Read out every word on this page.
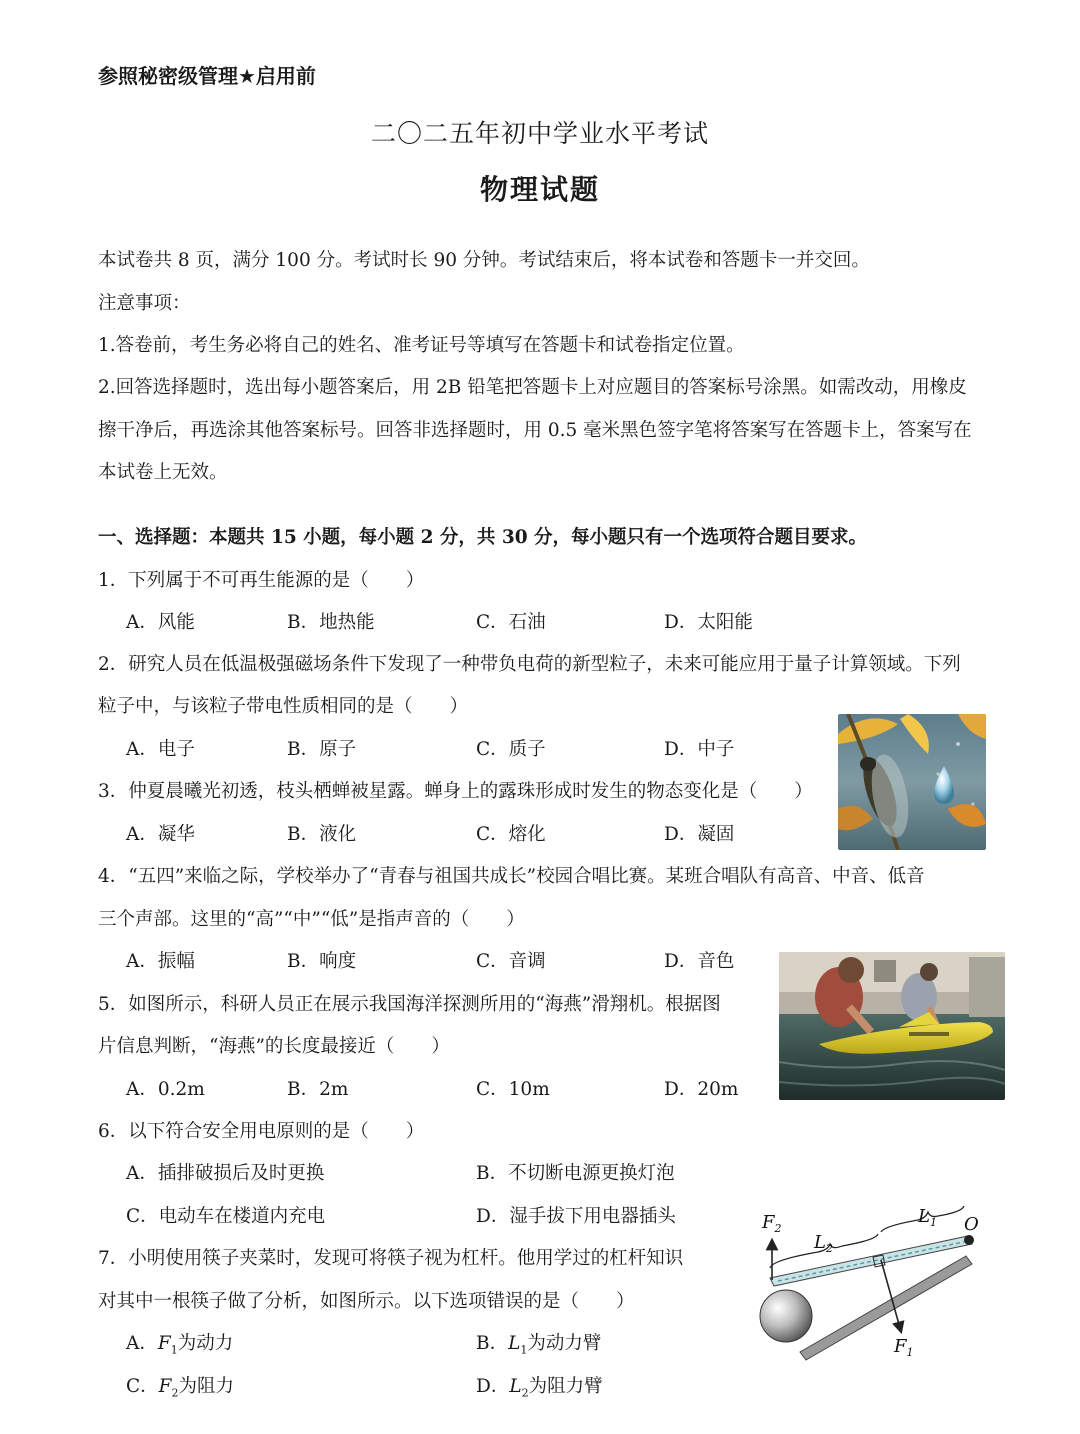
参照秘密级管理★启用前
二〇二五年初中学业水平考试
物理试题
本试卷共 8 页，满分 100 分。考试时长 90 分钟。考试结束后，将本试卷和答题卡一并交回。
注意事项：
1.答卷前，考生务必将自己的姓名、准考证号等填写在答题卡和试卷指定位置。
2.回答选择题时，选出每小题答案后，用 2B 铅笔把答题卡上对应题目的答案标号涂黑。如需改动，用橡皮
擦干净后，再选涂其他答案标号。回答非选择题时，用 0.5 毫米黑色签字笔将答案写在答题卡上，答案写在
本试卷上无效。
一、选择题：本题共 15 小题，每小题 2 分，共 30 分，每小题只有一个选项符合题目要求。
1．下列属于不可再生能源的是（　　）
A．风能	B．地热能	C．石油	D．太阳能
2．研究人员在低温极强磁场条件下发现了一种带负电荷的新型粒子，未来可能应用于量子计算领域。下列
粒子中，与该粒子带电性质相同的是（　　）
A．电子	B．原子	C．质子	D．中子
3．仲夏晨曦光初透，枝头栖蝉被星露。蝉身上的露珠形成时发生的物态变化是（　　）
A．凝华	B．液化	C．熔化	D．凝固
4．“五四”来临之际，学校举办了“青春与祖国共成长”校园合唱比赛。某班合唱队有高音、中音、低音
三个声部。这里的“高”“中”“低”是指声音的（　　）
A．振幅	B．响度	C．音调	D．音色
5．如图所示，科研人员正在展示我国海洋探测所用的“海燕”滑翔机。根据图
片信息判断，“海燕”的长度最接近（　　）
A．0.2m	B．2m	C．10m	D．20m
6．以下符合安全用电原则的是（　　）
A．插排破损后及时更换	B．不切断电源更换灯泡
C．电动车在楼道内充电	D．湿手拔下用电器插头
7．小明使用筷子夹菜时，发现可将筷子视为杠杆。他用学过的杠杆知识
对其中一根筷子做了分析，如图所示。以下选项错误的是（　　）
A．$F_1$为动力	B．$L_1$为动力臂
C．$F_2$为阻力	D．$L_2$为阻力臂
$F_2$
$L_2$
$L_1$ O
$F_1$
